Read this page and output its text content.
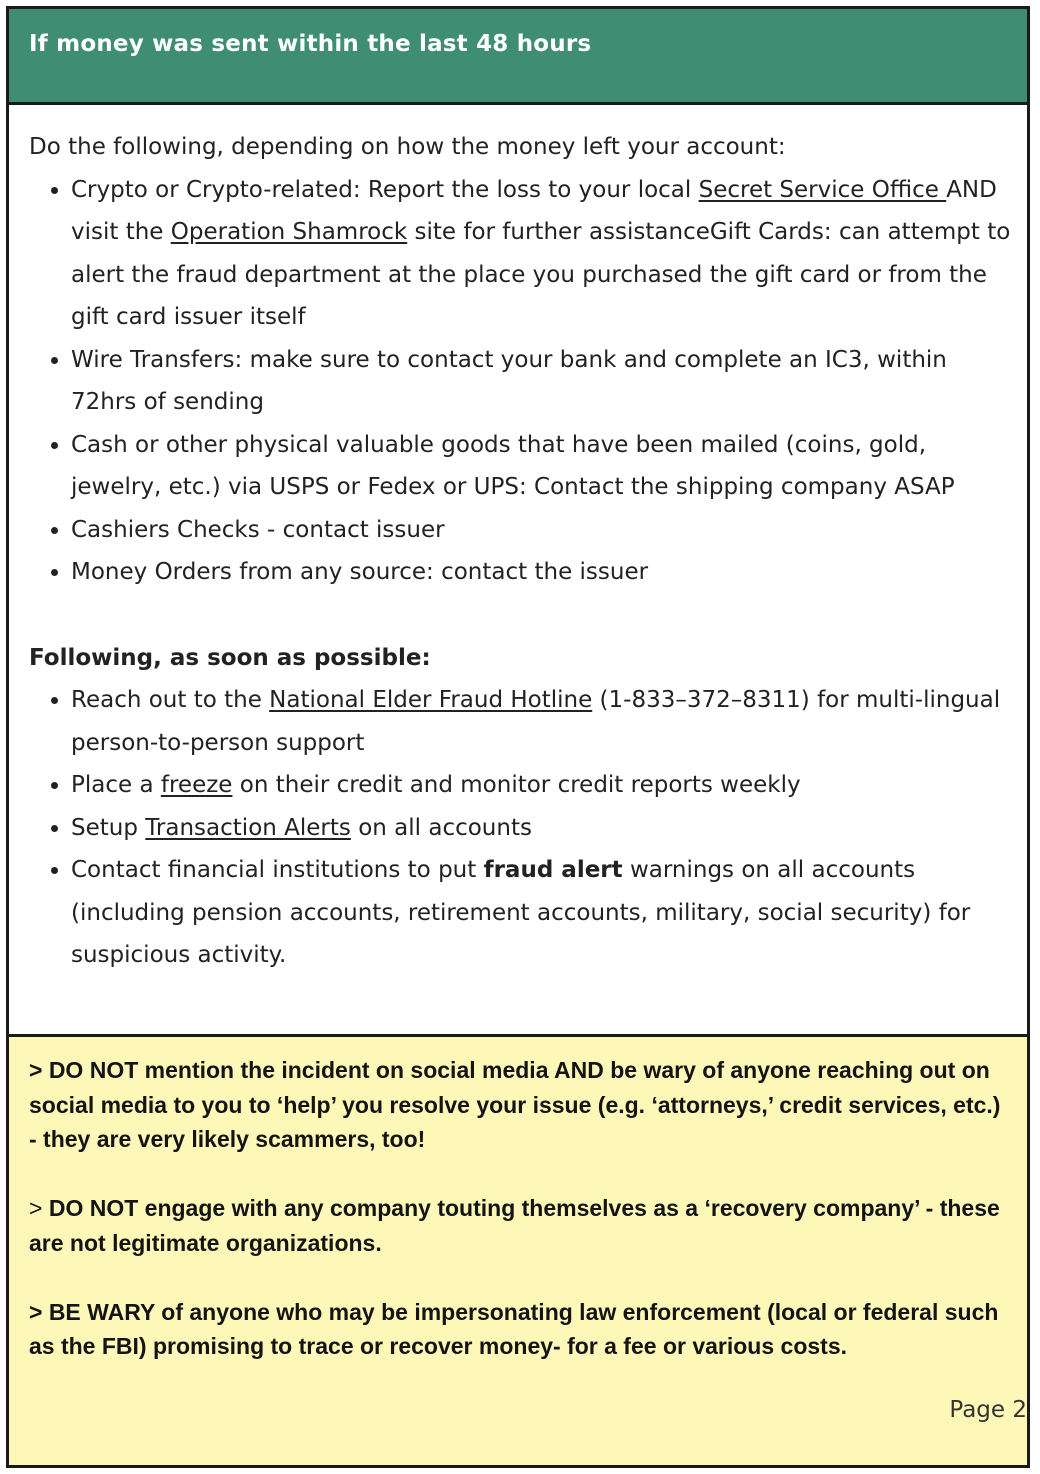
If money was sent within the last 48 hours
Do the following, depending on how the money left your account:
• Crypto or Crypto-related: Report the loss to your local Secret Service Office AND visit the Operation Shamrock site for further assistanceGift Cards: can attempt to alert the fraud department at the place you purchased the gift card or from the gift card issuer itself
• Wire Transfers: make sure to contact your bank and complete an IC3, within 72hrs of sending
• Cash or other physical valuable goods that have been mailed (coins, gold, jewelry, etc.) via USPS or Fedex or UPS: Contact the shipping company ASAP
• Cashiers Checks - contact issuer
• Money Orders from any source: contact the issuer
Following, as soon as possible:
• Reach out to the National Elder Fraud Hotline (1-833–372–8311) for multi-lingual person-to-person support
• Place a freeze on their credit and monitor credit reports weekly
• Setup Transaction Alerts on all accounts
• Contact financial institutions to put fraud alert warnings on all accounts (including pension accounts, retirement accounts, military, social security) for suspicious activity.

> DO NOT mention the incident on social media AND be wary of anyone reaching out on social media to you to ‘help’ you resolve your issue (e.g. ‘attorneys,’ credit services, etc.) - they are very likely scammers, too!

> DO NOT engage with any company touting themselves as a ‘recovery company’ - these are not legitimate organizations.

> BE WARY of anyone who may be impersonating law enforcement (local or federal such as the FBI) promising to trace or recover money- for a fee or various costs.

Page 2
